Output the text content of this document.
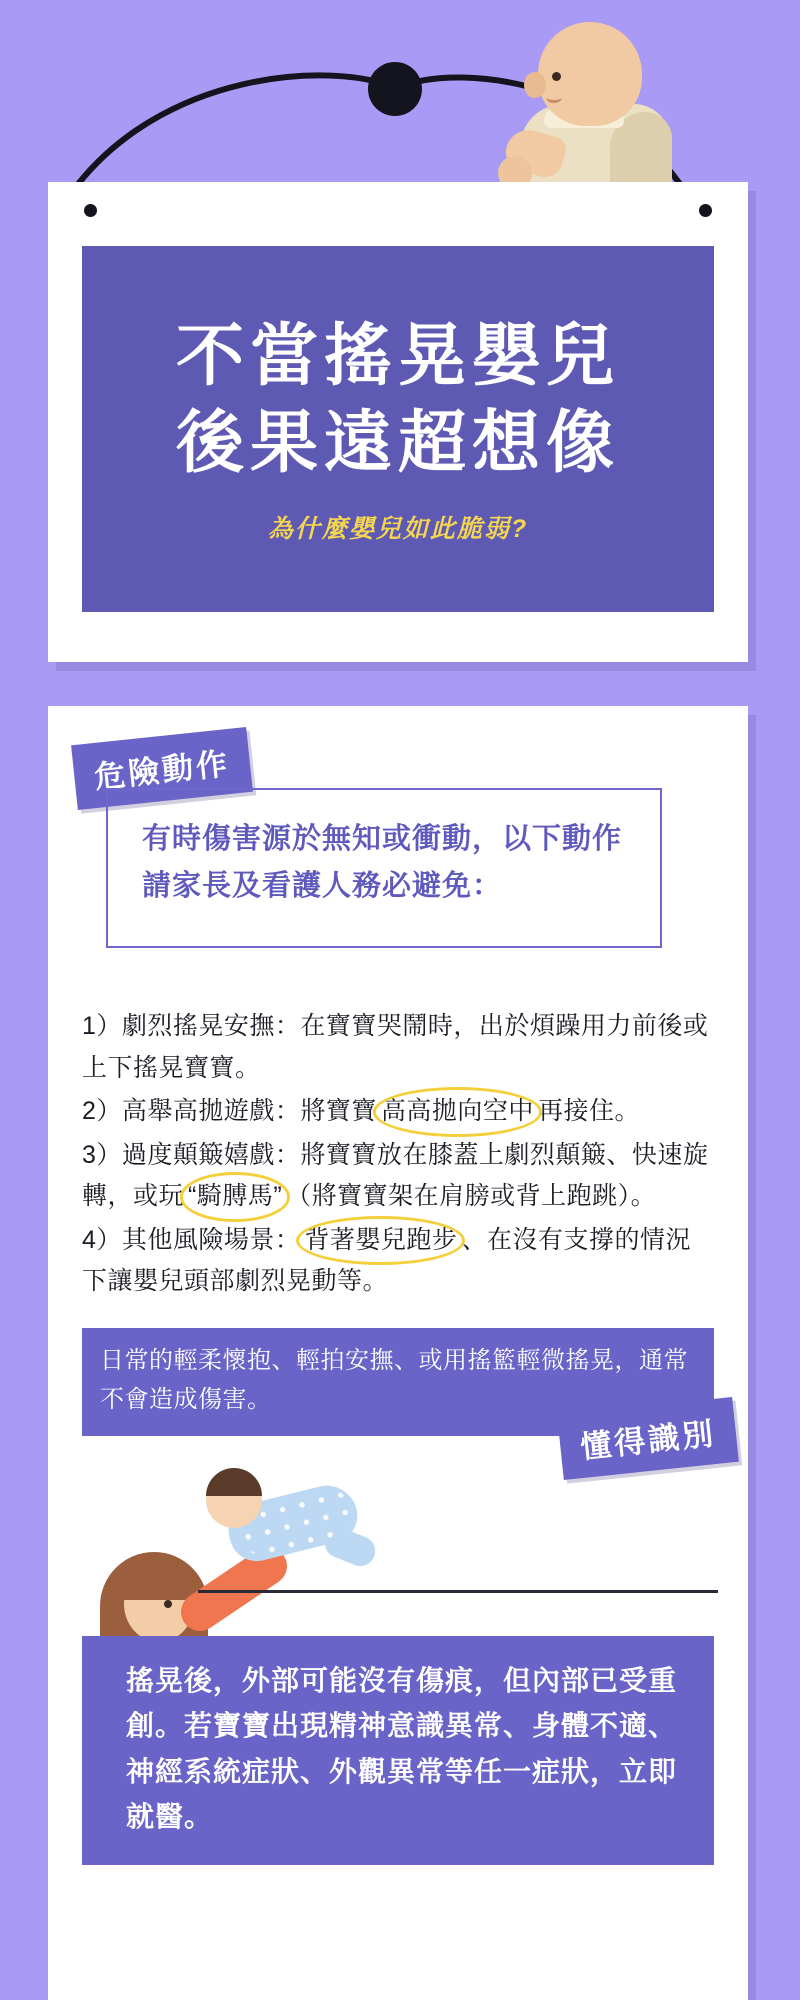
不當搖晃嬰兒
後果遠超想像
為什麼嬰兒如此脆弱?
危險動作

有時傷害源於無知或衝動，以下動作請家長及看護人務必避免：

1）劇烈搖晃安撫：在寶寶哭鬧時，出於煩躁用力前後或上下搖晃寶寶。

2）高舉高拋遊戲：將寶寶 高高拋向空中 再接住。

3）過度顛簸嬉戲：將寶寶放在膝蓋上劇烈顛簸、快速旋轉，或玩 “騎膊馬” （將寶寶架在肩膀或背上跑跳）。

4）其他風險場景： 背著嬰兒跑步 、在沒有支撐的情況下讓嬰兒頭部劇烈晃動等。

日常的輕柔懷抱、輕拍安撫、或用搖籃輕微搖晃，通常不會造成傷害。
懂得識別

搖晃後，外部可能沒有傷痕，但內部已受重創。若寶寶出現精神意識異常、身體不適、神經系統症狀、外觀異常等任一症狀，立即就醫。
